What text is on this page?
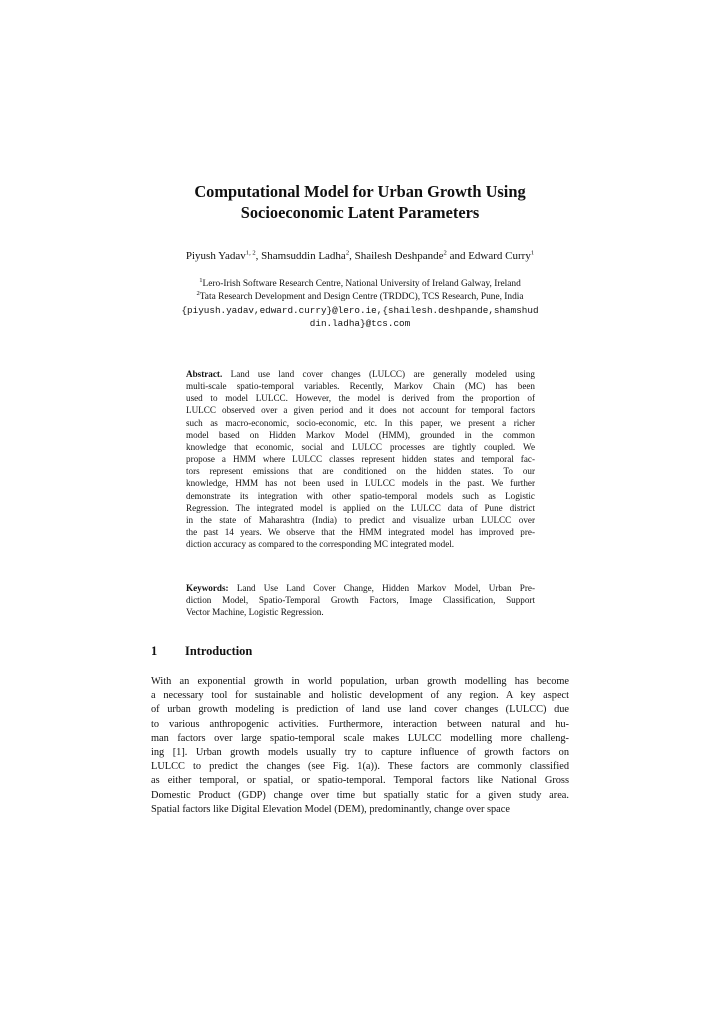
Computational Model for Urban Growth Using
Socioeconomic Latent Parameters
Piyush Yadav$^{1, 2}$, Shamsuddin Ladha$^2$, Shailesh Deshpande$^2$ and Edward Curry$^1$
$^1$Lero-Irish Software Research Centre, National University of Ireland Galway, Ireland
$^2$Tata Research Development and Design Centre (TRDDC), TCS Research, Pune, India
{piyush.yadav,edward.curry}@lero.ie,{shailesh.deshpande,shamshud
din.ladha}@tcs.com
Abstract. Land use land cover changes (LULCC) are generally modeled using
multi-scale spatio-temporal variables. Recently, Markov Chain (MC) has been
used to model LULCC. However, the model is derived from the proportion of
LULCC observed over a given period and it does not account for temporal factors
such as macro-economic, socio-economic, etc. In this paper, we present a richer
model based on Hidden Markov Model (HMM), grounded in the common
knowledge that economic, social and LULCC processes are tightly coupled. We
propose a HMM where LULCC classes represent hidden states and temporal fac-
tors represent emissions that are conditioned on the hidden states. To our
knowledge, HMM has not been used in LULCC models in the past. We further
demonstrate its integration with other spatio-temporal models such as Logistic
Regression. The integrated model is applied on the LULCC data of Pune district
in the state of Maharashtra (India) to predict and visualize urban LULCC over
the past 14 years. We observe that the HMM integrated model has improved pre-
diction accuracy as compared to the corresponding MC integrated model.
Keywords: Land Use Land Cover Change, Hidden Markov Model, Urban Pre-
diction Model, Spatio-Temporal Growth Factors, Image Classification, Support
Vector Machine, Logistic Regression.
1 Introduction
With an exponential growth in world population, urban growth modelling has become
a necessary tool for sustainable and holistic development of any region. A key aspect
of urban growth modeling is prediction of land use land cover changes (LULCC) due
to various anthropogenic activities. Furthermore, interaction between natural and hu-
man factors over large spatio-temporal scale makes LULCC modelling more challeng-
ing [1]. Urban growth models usually try to capture influence of growth factors on
LULCC to predict the changes (see Fig. 1(a)). These factors are commonly classified
as either temporal, or spatial, or spatio-temporal. Temporal factors like National Gross
Domestic Product (GDP) change over time but spatially static for a given study area.
Spatial factors like Digital Elevation Model (DEM), predominantly, change over space
